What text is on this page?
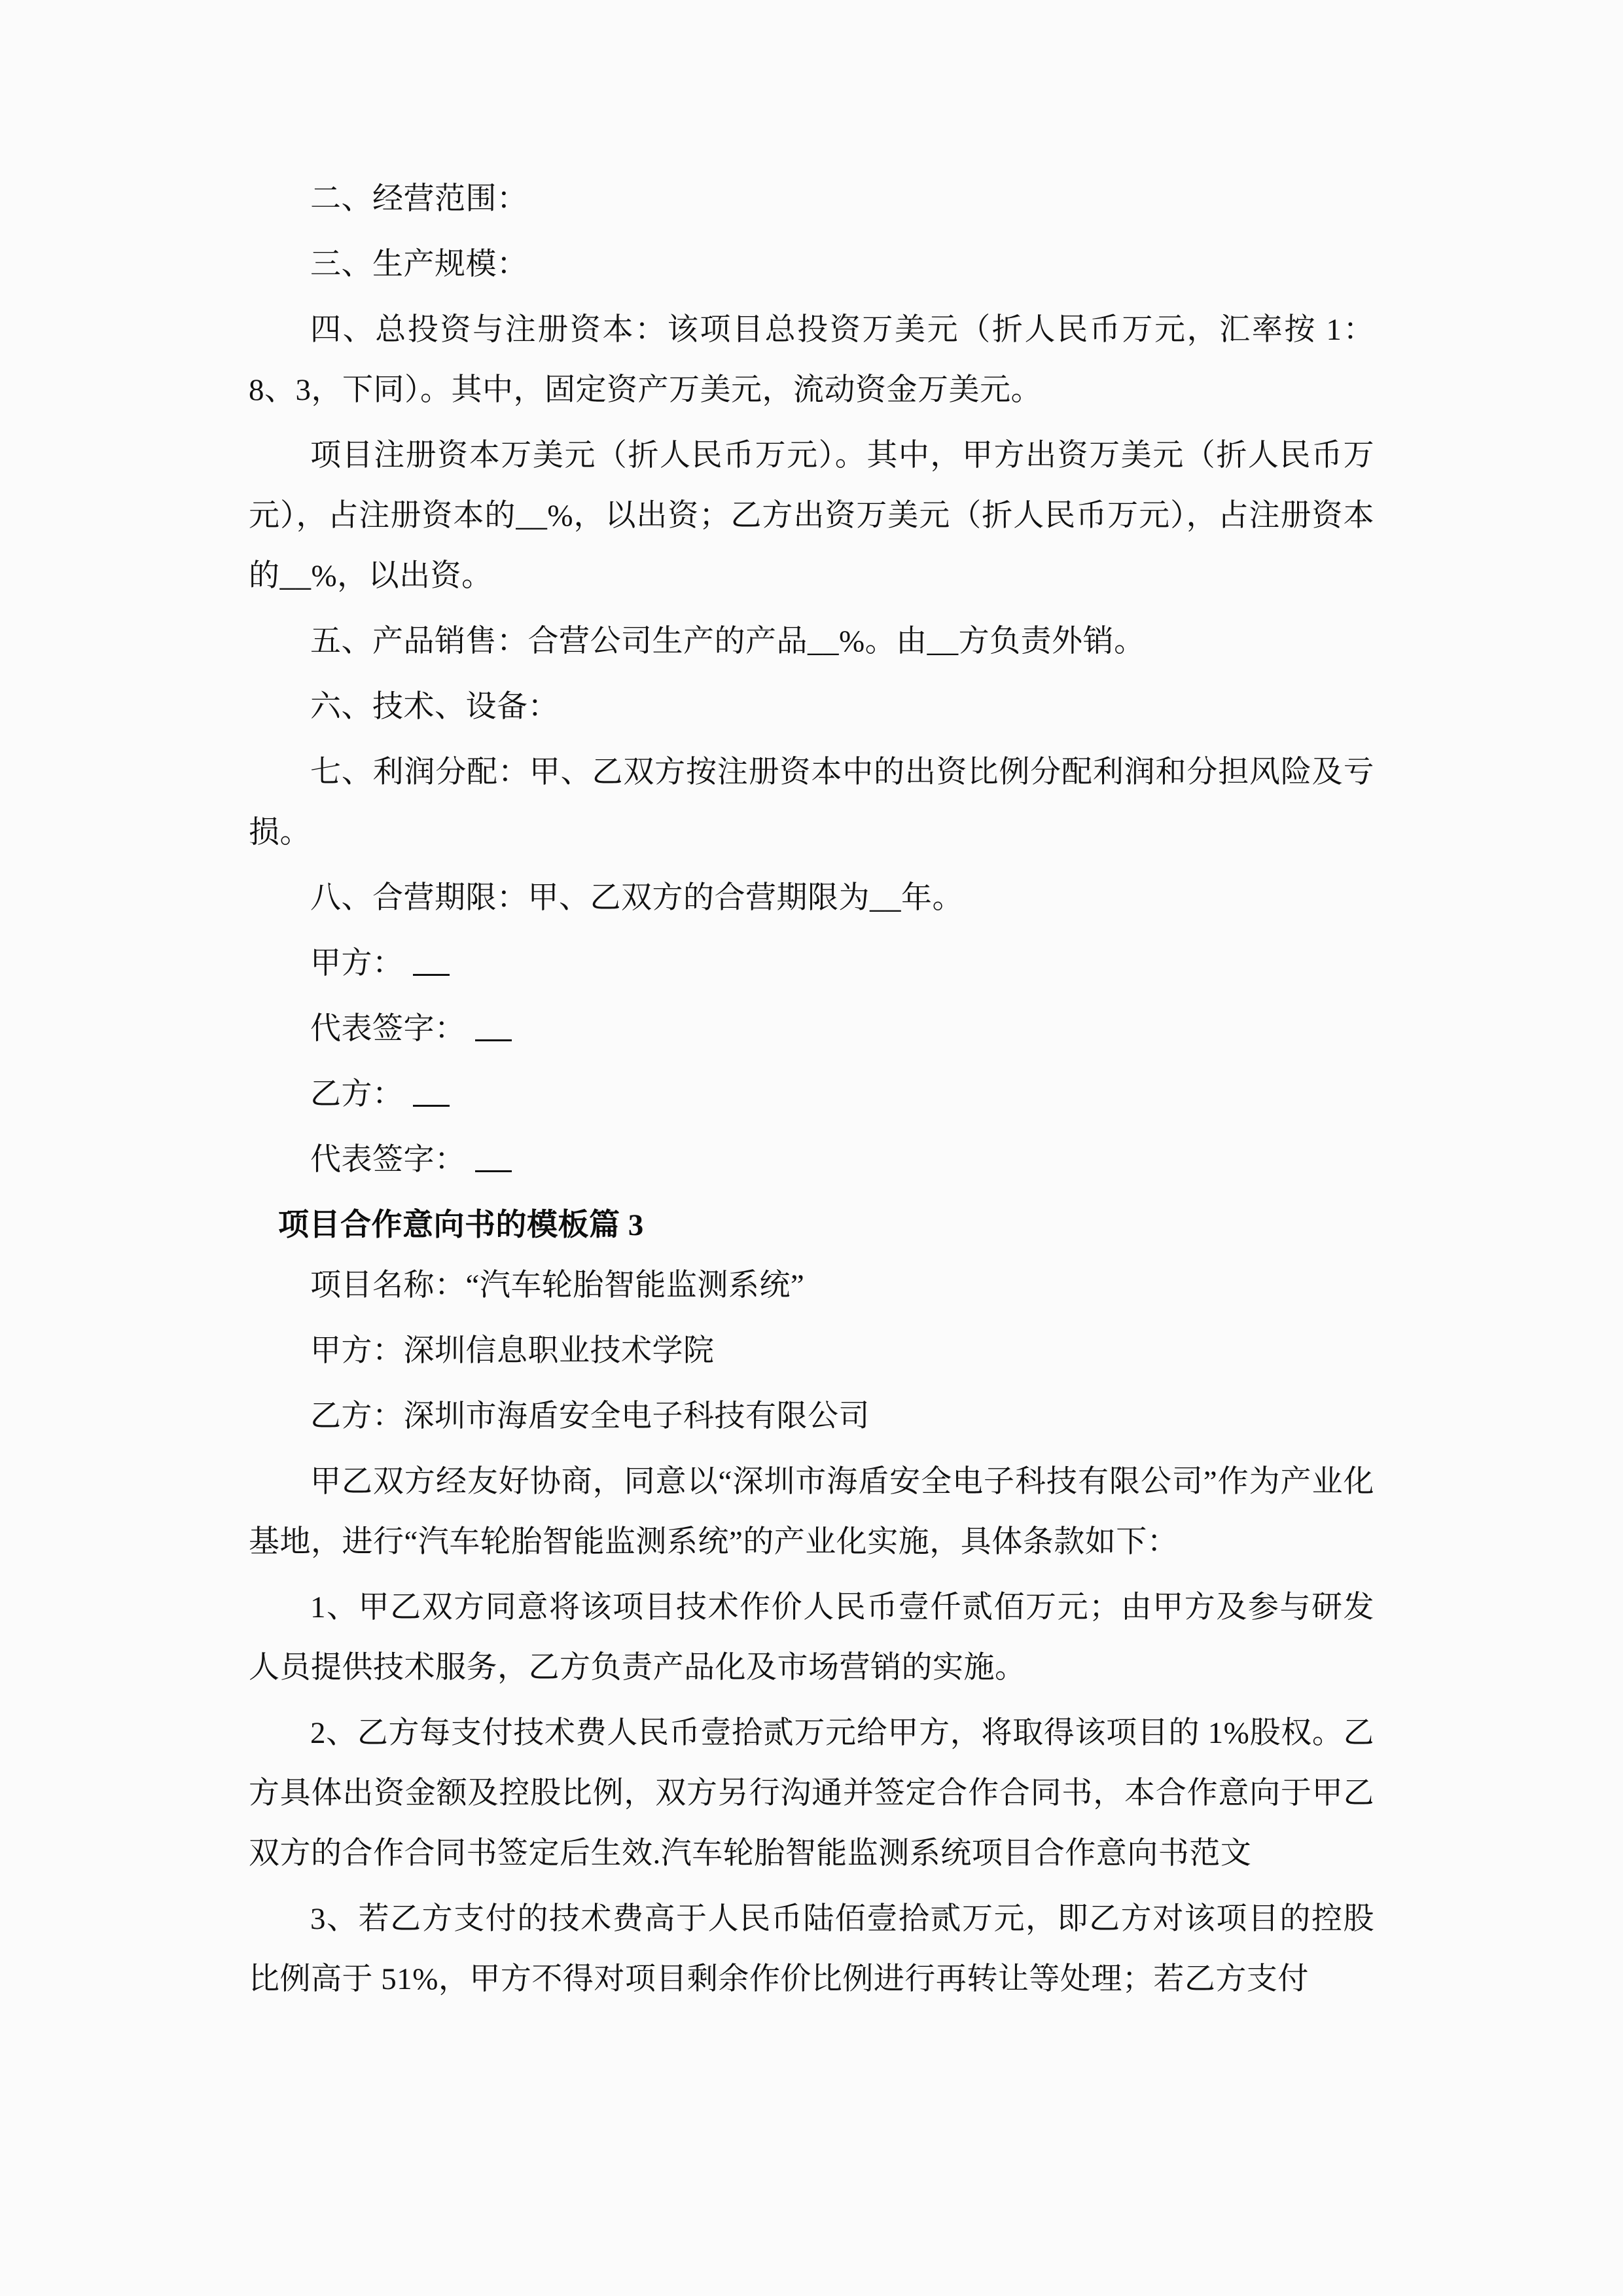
二、经营范围：

三、生产规模：

四、总投资与注册资本：该项目总投资万美元（折人民币万元，汇率按 1：8、3，下同）。其中，固定资产万美元，流动资金万美元。

项目注册资本万美元（折人民币万元）。其中，甲方出资万美元（折人民币万元），占注册资本的__%，以出资；乙方出资万美元（折人民币万元），占注册资本的__%，以出资。

五、产品销售：合营公司生产的产品__%。由__方负责外销。

六、技术、设备：

七、利润分配：甲、乙双方按注册资本中的出资比例分配利润和分担风险及亏损。

八、合营期限：甲、乙双方的合营期限为__年。

甲方：

代表签字：

乙方：

代表签字：

项目合作意向书的模板篇 3

项目名称：“汽车轮胎智能监测系统”

甲方：深圳信息职业技术学院

乙方：深圳市海盾安全电子科技有限公司

甲乙双方经友好协商，同意以“深圳市海盾安全电子科技有限公司”作为产业化基地，进行“汽车轮胎智能监测系统”的产业化实施，具体条款如下：

1、甲乙双方同意将该项目技术作价人民币壹仟贰佰万元；由甲方及参与研发人员提供技术服务，乙方负责产品化及市场营销的实施。

2、乙方每支付技术费人民币壹拾贰万元给甲方，将取得该项目的 1%股权。乙方具体出资金额及控股比例，双方另行沟通并签定合作合同书，本合作意向于甲乙双方的合作合同书签定后生效.汽车轮胎智能监测系统项目合作意向书范文

3、若乙方支付的技术费高于人民币陆佰壹拾贰万元，即乙方对该项目的控股比例高于 51%，甲方不得对项目剩余作价比例进行再转让等处理；若乙方支付
